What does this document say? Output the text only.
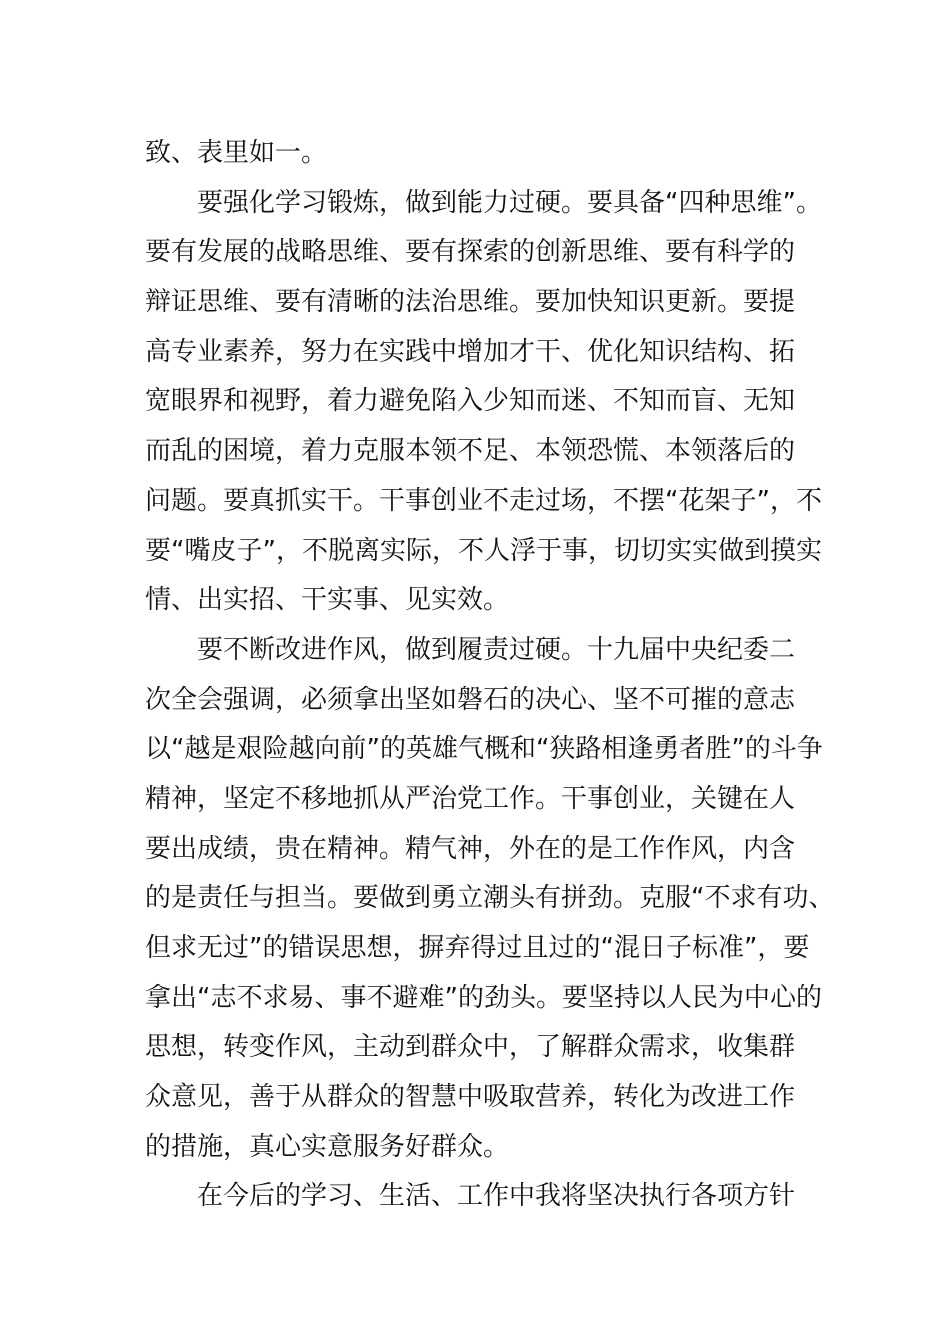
致、表里如一。
要强化学习锻炼，做到能力过硬。要具备“四种思维”。
要有发展的战略思维、要有探索的创新思维、要有科学的
辩证思维、要有清晰的法治思维。要加快知识更新。要提
高专业素养，努力在实践中增加才干、优化知识结构、拓
宽眼界和视野，着力避免陷入少知而迷、不知而盲、无知
而乱的困境，着力克服本领不足、本领恐慌、本领落后的
问题。要真抓实干。干事创业不走过场，不摆“花架子”，不
要“嘴皮子”，不脱离实际，不人浮于事，切切实实做到摸实
情、出实招、干实事、见实效。
要不断改进作风，做到履责过硬。十九届中央纪委二
次全会强调，必须拿出坚如磐石的决心、坚不可摧的意志
以“越是艰险越向前”的英雄气概和“狭路相逢勇者胜”的斗争
精神，坚定不移地抓从严治党工作。干事创业，关键在人
要出成绩，贵在精神。精气神，外在的是工作作风，内含
的是责任与担当。要做到勇立潮头有拼劲。克服“不求有功、
但求无过”的错误思想，摒弃得过且过的“混日子标准”，要
拿出“志不求易、事不避难”的劲头。要坚持以人民为中心的
思想，转变作风，主动到群众中，了解群众需求，收集群
众意见，善于从群众的智慧中吸取营养，转化为改进工作
的措施，真心实意服务好群众。
在今后的学习、生活、工作中我将坚决执行各项方针
